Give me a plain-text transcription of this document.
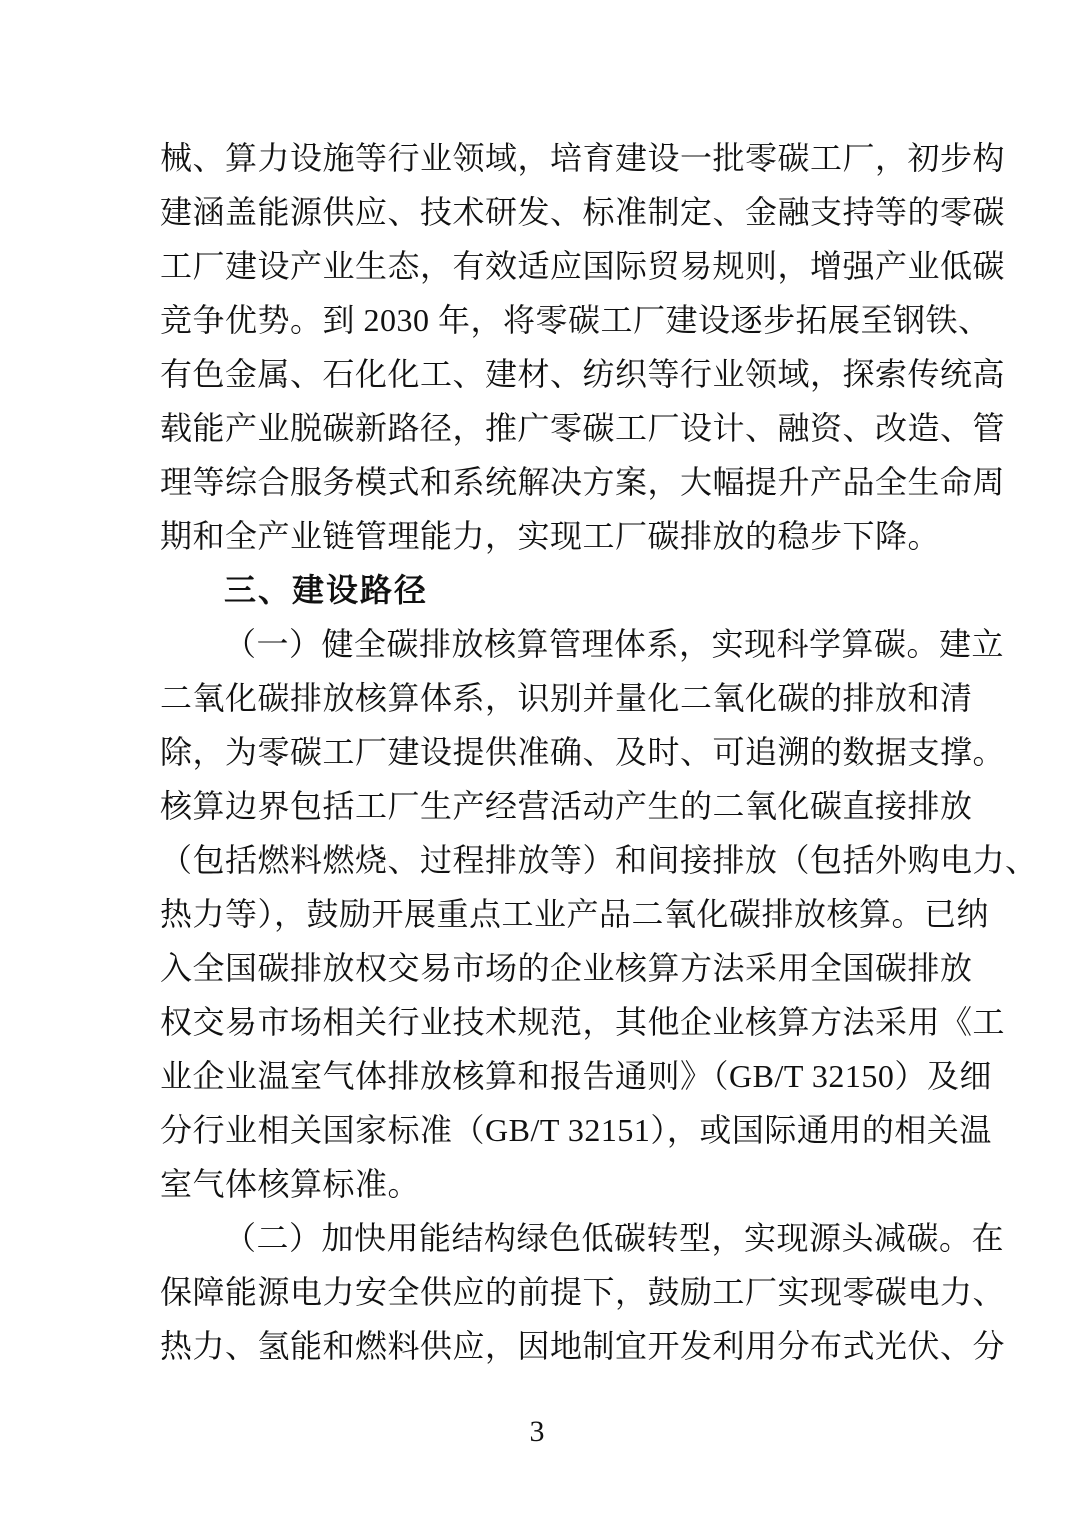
械、算力设施等行业领域，培育建设一批零碳工厂，初步构
建涵盖能源供应、技术研发、标准制定、金融支持等的零碳
工厂建设产业生态，有效适应国际贸易规则，增强产业低碳
竞争优势。到 2030 年，将零碳工厂建设逐步拓展至钢铁、
有色金属、石化化工、建材、纺织等行业领域，探索传统高
载能产业脱碳新路径，推广零碳工厂设计、融资、改造、管
理等综合服务模式和系统解决方案，大幅提升产品全生命周
期和全产业链管理能力，实现工厂碳排放的稳步下降。
三、建设路径
（一）健全碳排放核算管理体系，实现科学算碳。建立
二氧化碳排放核算体系，识别并量化二氧化碳的排放和清
除，为零碳工厂建设提供准确、及时、可追溯的数据支撑。
核算边界包括工厂生产经营活动产生的二氧化碳直接排放
（包括燃料燃烧、过程排放等）和间接排放（包括外购电力、
热力等），鼓励开展重点工业产品二氧化碳排放核算。已纳
入全国碳排放权交易市场的企业核算方法采用全国碳排放
权交易市场相关行业技术规范，其他企业核算方法采用《工
业企业温室气体排放核算和报告通则》（GB/T 32150）及细
分行业相关国家标准（GB/T 32151），或国际通用的相关温
室气体核算标准。
（二）加快用能结构绿色低碳转型，实现源头减碳。在
保障能源电力安全供应的前提下，鼓励工厂实现零碳电力、
热力、氢能和燃料供应，因地制宜开发利用分布式光伏、分
3
